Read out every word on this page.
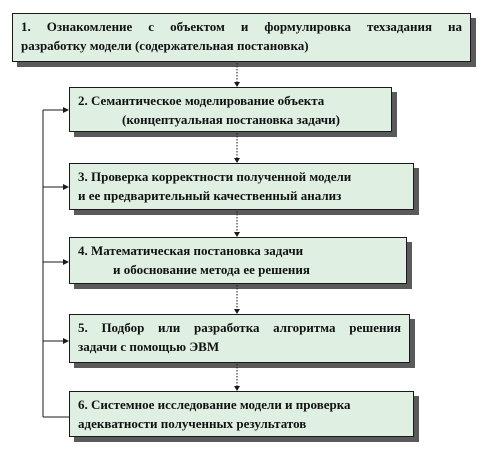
1. Ознакомление с объектом и формулировка техзадания на
разработку модели (содержательная постановка)
2. Семантическое моделирование объекта
(концептуальная постановка задачи)
3. Проверка корректности полученной модели
и ее предварительный качественный анализ
4. Математическая постановка задачи
и обоснование метода ее решения
5. Подбор или разработка алгоритма решения
задачи с помощью ЭВМ
6. Системное исследование модели и проверка
адекватности полученных результатов
